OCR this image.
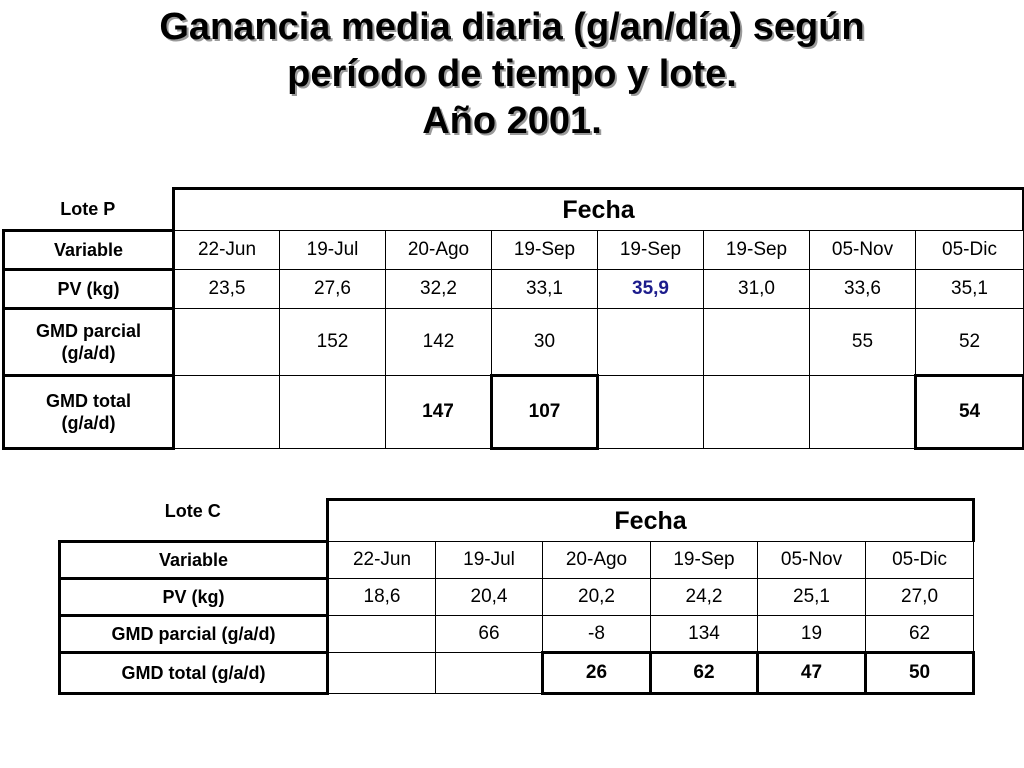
Ganancia media diaria (g/an/día) según
período de tiempo y lote.
Año 2001.
Lote P	Fecha							
Variable	22-Jun	19-Jul	20-Ago	19-Sep	19-Sep	19-Sep	05-Nov	05-Dic
PV (kg)	23,5	27,6	32,2	33,1	35,9	31,0	33,6	35,1

GMD parcial
(g/a/d)		152	142	30			55	52

GMD total
(g/a/d)			147	107				54
Lote C	Fecha					
Variable	22-Jun	19-Jul	20-Ago	19-Sep	05-Nov	05-Dic
PV (kg)	18,6	20,4	20,2	24,2	25,1	27,0
GMD parcial (g/a/d)		66	-8	134	19	62
GMD total (g/a/d)			26	62	47	50
